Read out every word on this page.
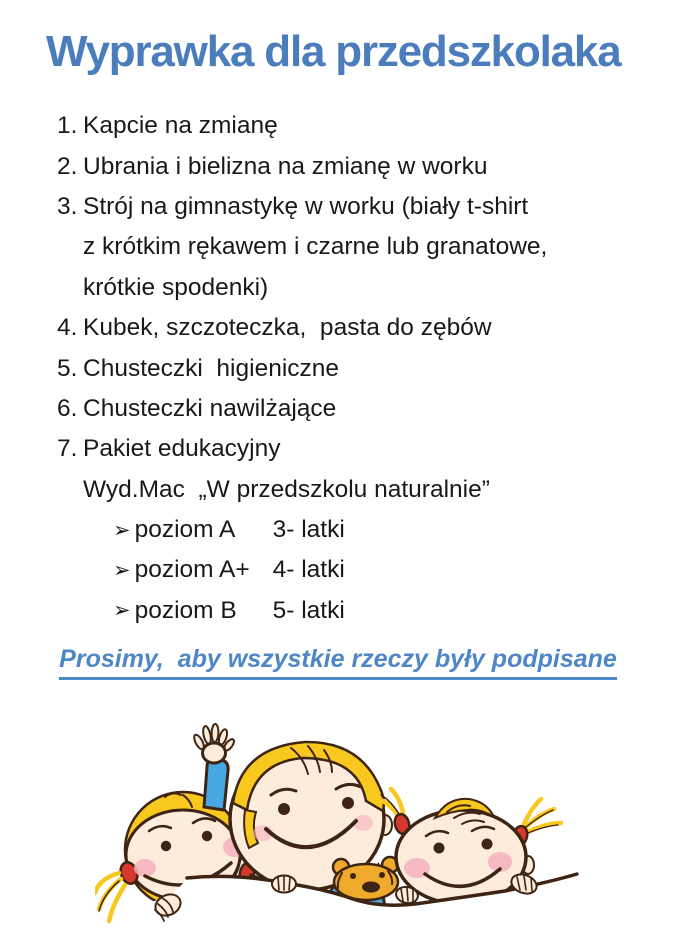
Wyprawka dla przedszkolaka
1. Kapcie na zmianę
2. Ubrania i bielizna na zmianę w worku
3. Strój na gimnastykę w worku (biały t-shirt
z krótkim rękawem i czarne lub granatowe,
krótkie spodenki)
4. Kubek, szczoteczka,  pasta do zębów
5. Chusteczki  higieniczne
6. Chusteczki nawilżające
7. Pakiet edukacyjny
Wyd.Mac  „W przedszkolu naturalnie”
➢ poziom A	3- latki
➢ poziom A+ 4- latki
➢ poziom B	5- latki
Prosimy,  aby wszystkie rzeczy były podpisane
